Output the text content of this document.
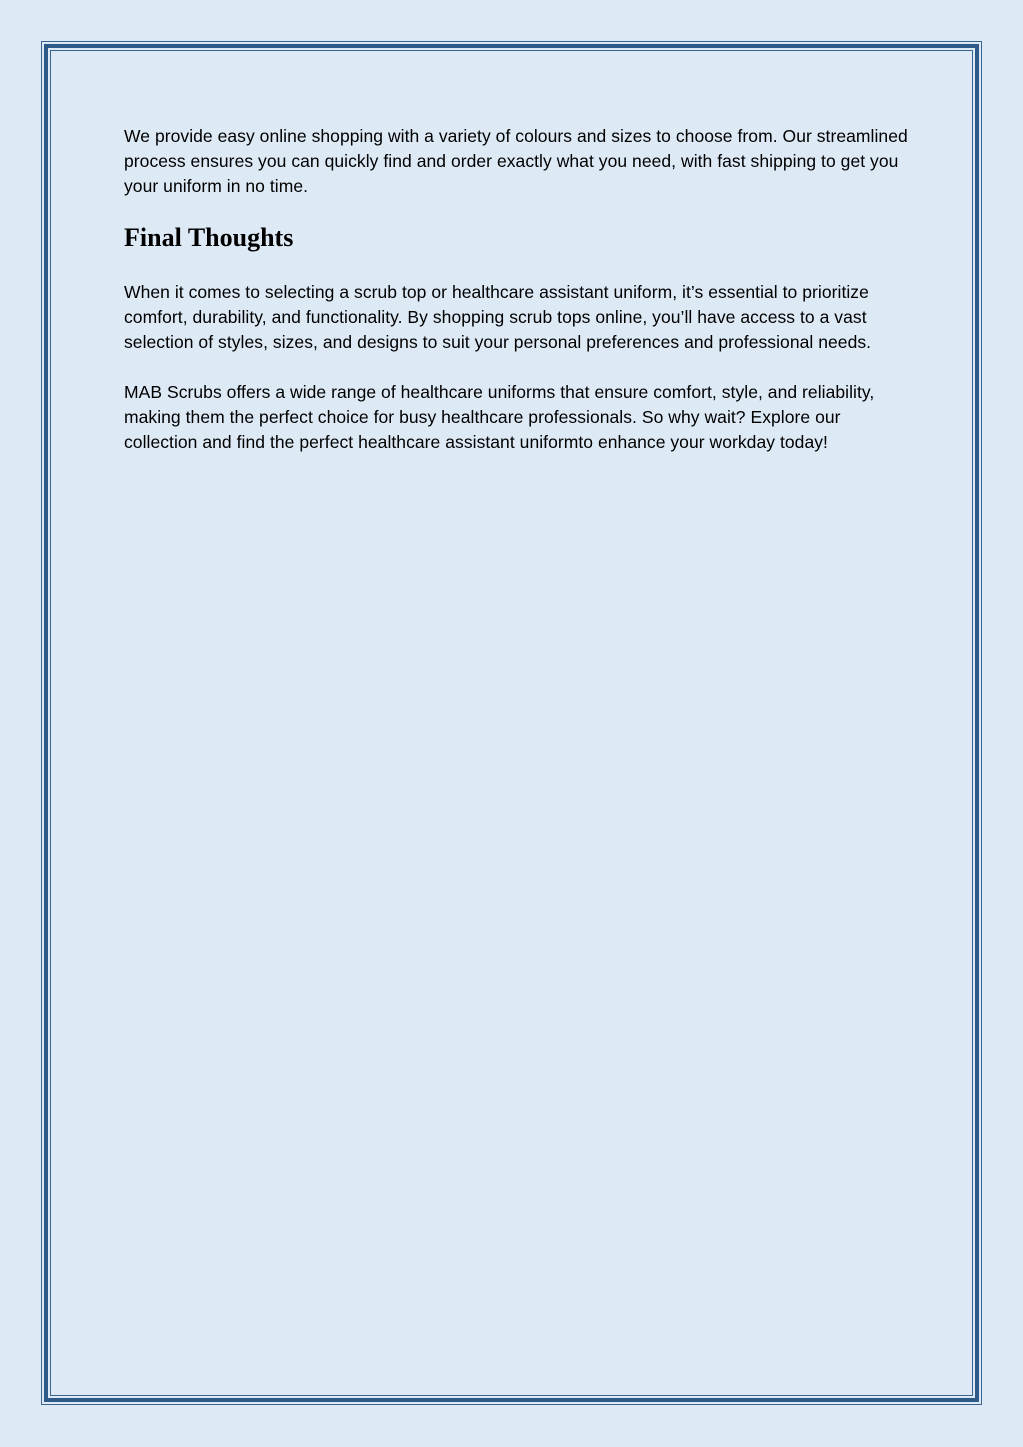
We provide easy online shopping with a variety of colours and sizes to choose from. Our streamlined process ensures you can quickly find and order exactly what you need, with fast shipping to get you your uniform in no time.

Final Thoughts

When it comes to selecting a scrub top or healthcare assistant uniform, it’s essential to prioritize comfort, durability, and functionality. By shopping scrub tops online, you’ll have access to a vast selection of styles, sizes, and designs to suit your personal preferences and professional needs.

MAB Scrubs offers a wide range of healthcare uniforms that ensure comfort, style, and reliability, making them the perfect choice for busy healthcare professionals. So why wait? Explore our collection and find the perfect healthcare assistant uniformto enhance your workday today!
